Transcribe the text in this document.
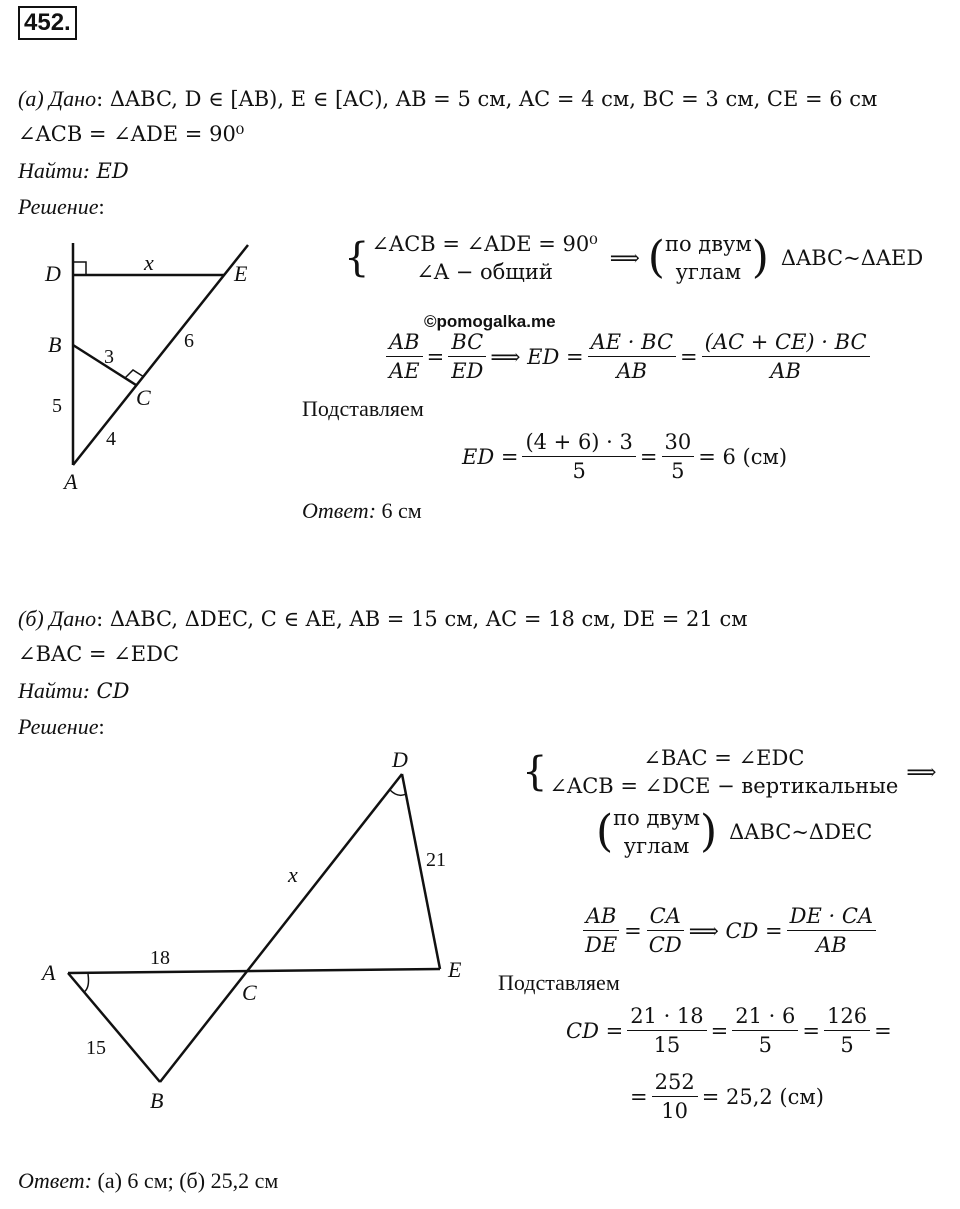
452.
(а) Дано: ΔABC, D ∈ [AB), E ∈ [AC), AB = 5 см, AC = 4 см, BC = 3 см, CE = 6 см
∠ACB = ∠ADE = 90⁰
Найти: ED
Решение:
D
B
A
E
C
x
3
6
5
4
{ ∠ACB = ∠ADE = 90⁰
∠A − общий
⟹ ( по двум
углам ) ΔABC~ΔAED
©pomogalka.me
$\frac{AB}{AE} = \frac{BC}{ED}$ ⟹ ED = $\frac{AE \cdot BC}{AB} = \frac{(AC + CE) \cdot BC}{AB}$
Подставляем
ED = $\frac{(4 + 6) \cdot 3}{5} = \frac{30}{5} = 6$ (см)
Ответ: 6 см
(б) Дано: ΔABC, ΔDEC, C ∈ AE, AB = 15 см, AC = 18 см, DE = 21 см
∠BAC = ∠EDC
Найти: CD
Решение:
D
A
C
E
B
x
21
18
15
{	∠BAC = ∠EDC
∠ACB = ∠DCE − вертикальные
⟹
( по двум
углам ) ΔABC~ΔDEC
$\frac{AB}{DE} = \frac{CA}{CD}$ ⟹ CD = $\frac{DE \cdot CA}{AB}$
Подставляем
CD = $\frac{21 \cdot 18}{15} = \frac{21 \cdot 6}{5} = \frac{126}{5}$ =
= $\frac{252}{10} = 25,2$ (см)
Ответ: (а) 6 см; (б) 25,2 см
